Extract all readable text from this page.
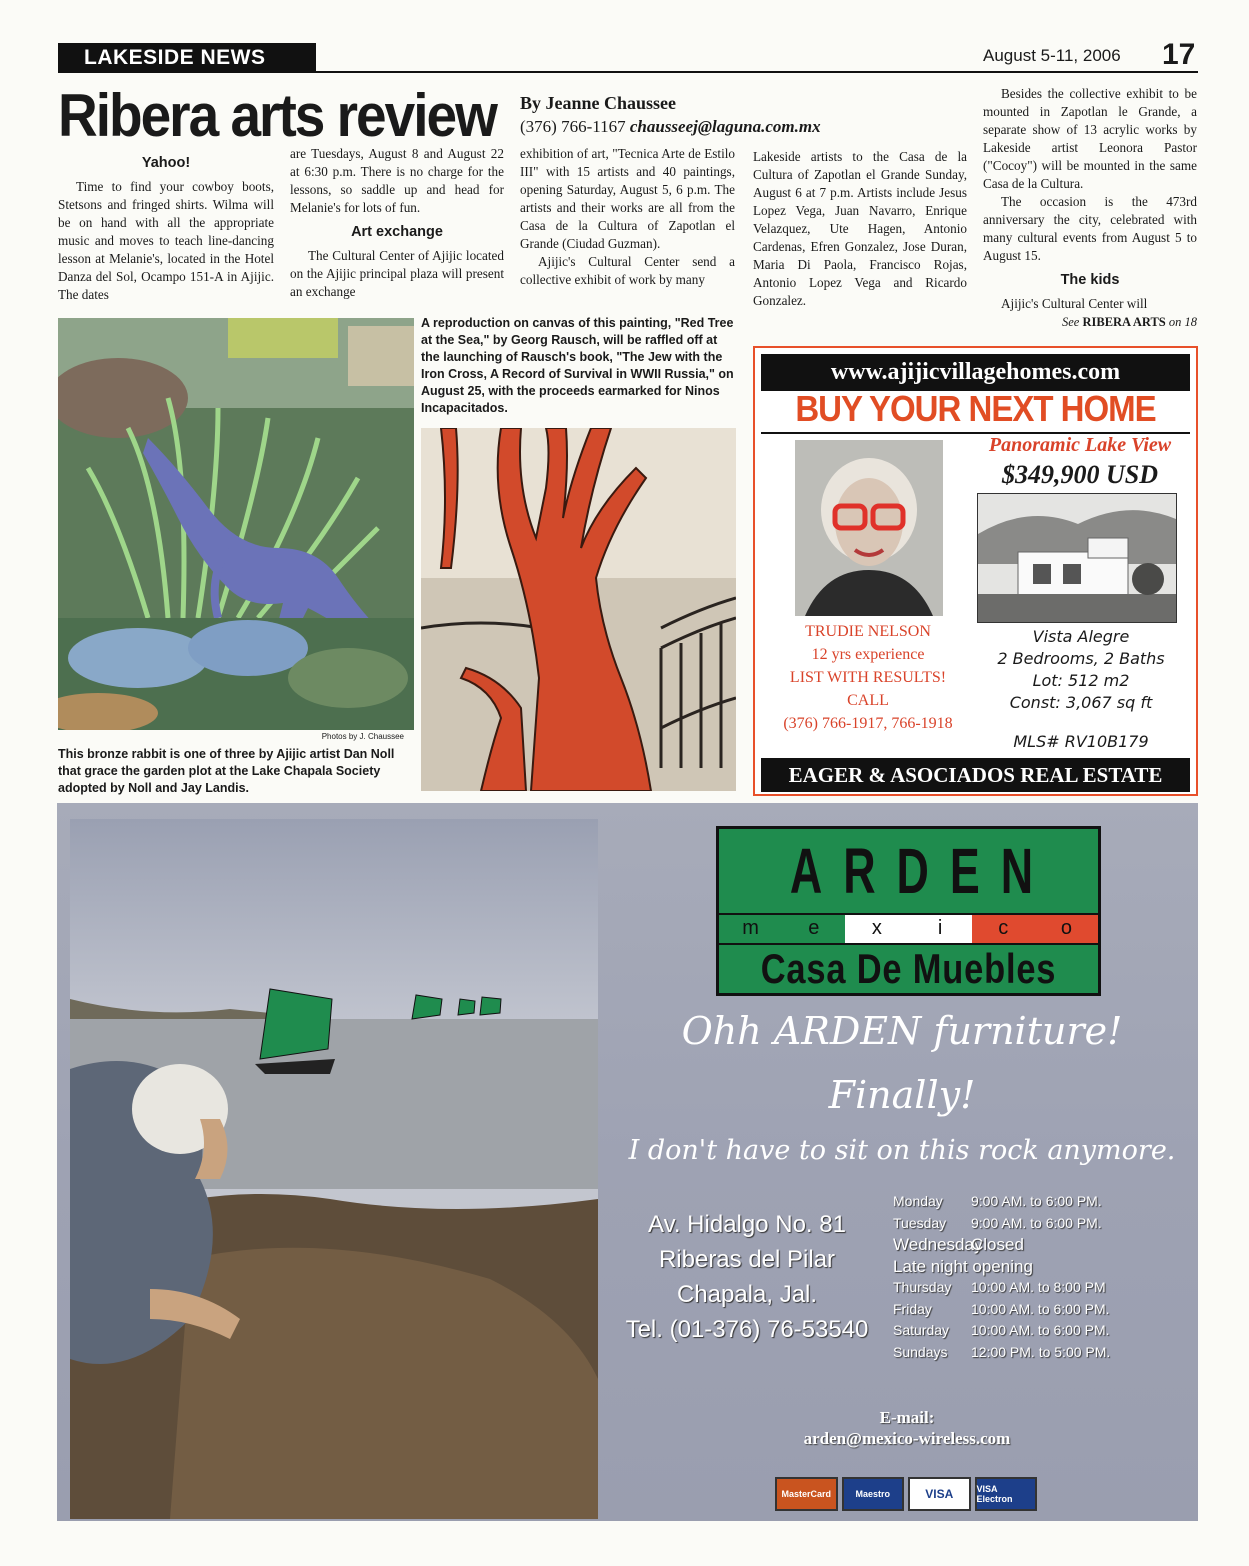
LAKESIDE NEWS	August 5-11, 2006 17
Ribera arts review	By Jeanne Chaussee
(376) 766-1167 chausseej@laguna.com.mx
Yahoo!

Time to find your cowboy boots, Stetsons and fringed shirts. Wilma will be on hand with all the appropriate music and moves to teach line-dancing lesson at Melanie's, located in the Hotel Danza del Sol, Ocampo 151-A in Ajijic. The dates

are Tuesdays, August 8 and August 22 at 6:30 p.m. There is no charge for the lessons, so saddle up and head for Melanie's for lots of fun.

Art exchange

The Cultural Center of Ajijic located on the Ajijic principal plaza will present an exchange

exhibition of art, "Tecnica Arte de Estilo III" with 15 artists and 40 paintings, opening Saturday, August 5, 6 p.m. The artists and their works are all from the Casa de la Cultura of Zapotlan el Grande (Ciudad Guzman).

Ajijic's Cultural Center send a collective exhibit of work by many

Lakeside artists to the Casa de la Cultura of Zapotlan el Grande Sunday, August 6 at 7 p.m. Artists include Jesus Lopez Vega, Juan Navarro, Enrique Velazquez, Ute Hagen, Antonio Cardenas, Efren Gonzalez, Jose Duran, Maria Di Paola, Francisco Rojas, Antonio Lopez Vega and Ricardo Gonzalez.

Besides the collective exhibit to be mounted in Zapotlan le Grande, a separate show of 13 acrylic works by Lakeside artist Leonora Pastor ("Cocoy") will be mounted in the same Casa de la Cultura.

The occasion is the 473rd anniversary the city, celebrated with many cultural events from August 5 to August 15.

The kids

Ajijic's Cultural Center will

See RIBERA ARTS on 18
Photos by J. Chaussee
This bronze rabbit is one of three by Ajijic artist Dan Noll that grace the garden plot at the Lake Chapala Society adopted by Noll and Jay Landis.
A reproduction on canvas of this painting, "Red Tree at the Sea," by Georg Rausch, will be raffled off at the launching of Rausch's book, "The Jew with the Iron Cross, A Record of Survival in WWII Russia," on August 25, with the proceeds earmarked for Ninos Incapacitados.
www.ajijicvillagehomes.com
BUY YOUR NEXT HOME
TRUDIE NELSON
12 yrs experience
LIST WITH RESULTS!
CALL
(376) 766-1917, 766-1918
Panoramic Lake View
$349,900 USD
Vista Alegre
2 Bedrooms, 2 Baths
Lot: 512 m2
Const: 3,067 sq ft
MLS# RV10B179
EAGER & ASOCIADOS REAL ESTATE
ARDEN
m	e	x	i	c	o
Casa De Muebles
Ohh ARDEN furniture!
Finally!
I don't have to sit on this rock anymore.
Av. Hidalgo No. 81
Riberas del Pilar
Chapala, Jal.
Tel. (01-376) 76-53540
Monday	9:00 AM. to 6:00 PM.
Tuesday	9:00 AM. to 6:00 PM.
Wednesday
Closed
Late night opening
Thursday	10:00 AM. to 8:00 PM
Friday	10:00 AM. to 6:00 PM.
Saturday	10:00 AM. to 6:00 PM.
Sundays	12:00 PM. to 5:00 PM.
E-mail:
arden@mexico-wireless.com
MasterCard	Maestro	VISA	VISA Electron
